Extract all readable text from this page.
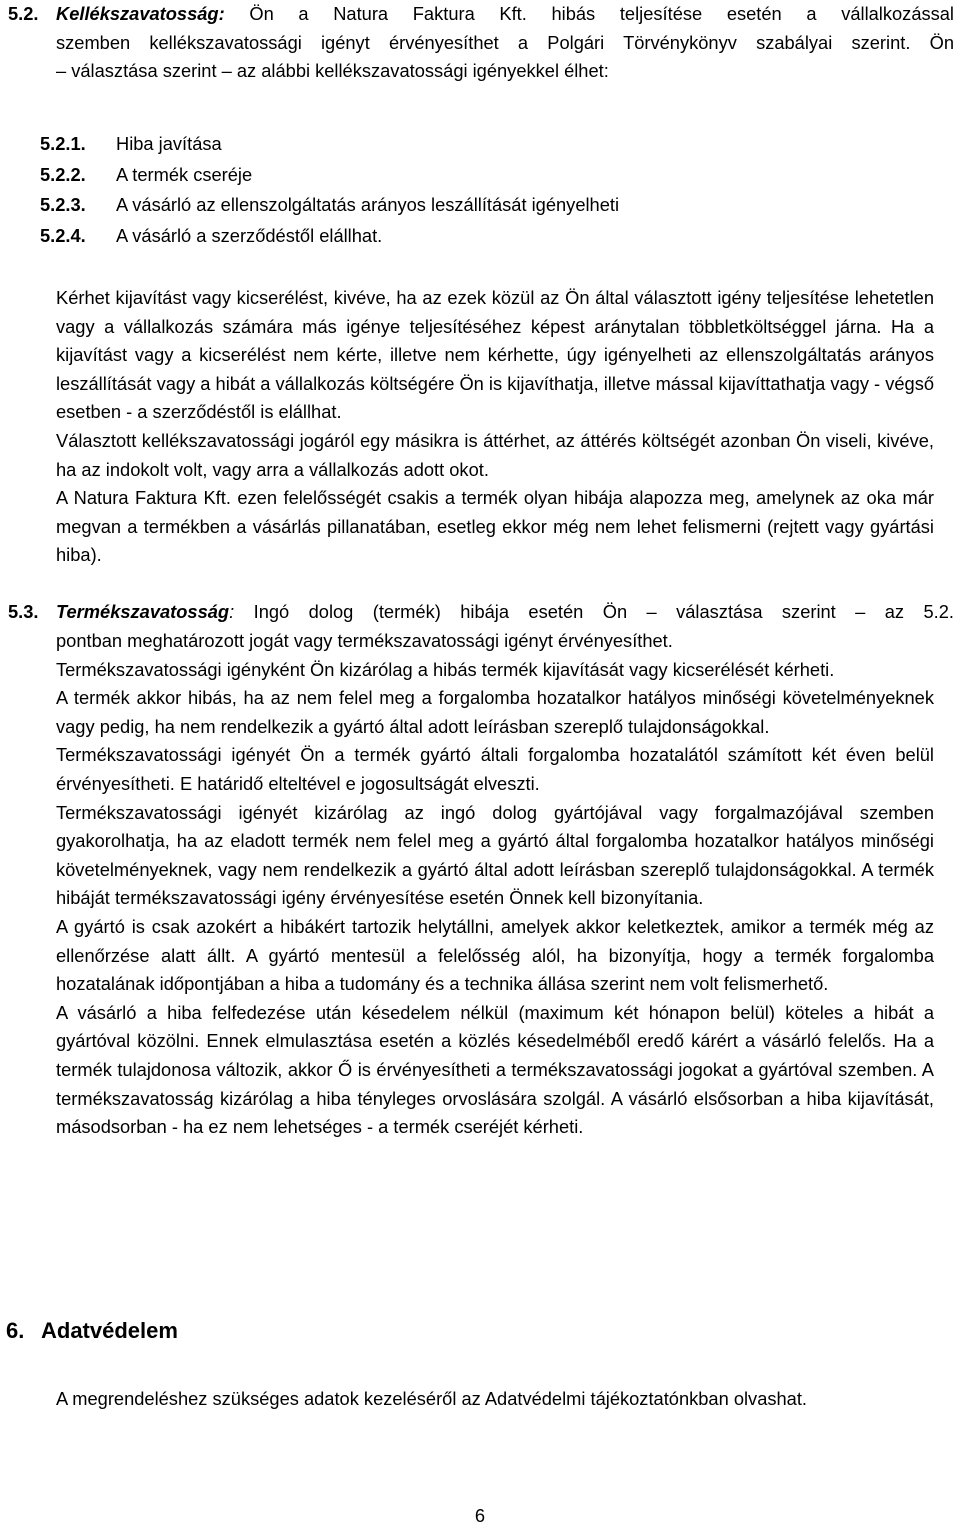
5.2. Kellékszavatosság: Ön a Natura Faktura Kft. hibás teljesítése esetén a vállalkozással
szemben kellékszavatossági igényt érvényesíthet a Polgári Törvénykönyv szabályai szerint. Ön
– választása szerint – az alábbi kellékszavatossági igényekkel élhet:
5.2.1.	Hiba javítása
5.2.2.	A termék cseréje
5.2.3.	A vásárló az ellenszolgáltatás arányos leszállítását igényelheti
5.2.4.	A vásárló a szerződéstől elállhat.

Kérhet kijavítást vagy kicserélést, kivéve, ha az ezek közül az Ön által választott igény teljesítése lehetetlen vagy a vállalkozás számára más igénye teljesítéséhez képest aránytalan többletköltséggel járna. Ha a kijavítást vagy a kicserélést nem kérte, illetve nem kérhette, úgy igényelheti az ellenszolgáltatás arányos leszállítását vagy a hibát a vállalkozás költségére Ön is kijavíthatja, illetve mással kijavíttathatja vagy - végső esetben - a szerződéstől is elállhat.

Választott kellékszavatossági jogáról egy másikra is áttérhet, az áttérés költségét azonban Ön viseli, kivéve, ha az indokolt volt, vagy arra a vállalkozás adott okot.

A Natura Faktura Kft. ezen felelősségét csakis a termék olyan hibája alapozza meg, amelynek az oka már megvan a termékben a vásárlás pillanatában, esetleg ekkor még nem lehet felismerni (rejtett vagy gyártási hiba).

5.3. Termékszavatosság: Ingó dolog (termék) hibája esetén Ön – választása szerint – az 5.2.

pontban meghatározott jogát vagy termékszavatossági igényt érvényesíthet.

Termékszavatossági igényként Ön kizárólag a hibás termék kijavítását vagy kicserélését kérheti.

A termék akkor hibás, ha az nem felel meg a forgalomba hozatalkor hatályos minőségi követelményeknek vagy pedig, ha nem rendelkezik a gyártó által adott leírásban szereplő tulajdonságokkal.

Termékszavatossági igényét Ön a termék gyártó általi forgalomba hozatalától számított két éven belül érvényesítheti. E határidő elteltével e jogosultságát elveszti.

Termékszavatossági igényét kizárólag az ingó dolog gyártójával vagy forgalmazójával szemben gyakorolhatja, ha az eladott termék nem felel meg a gyártó által forgalomba hozatalkor hatályos minőségi követelményeknek, vagy nem rendelkezik a gyártó által adott leírásban szereplő tulajdonságokkal. A termék hibáját termékszavatossági igény érvényesítése esetén Önnek kell bizonyítania.

A gyártó is csak azokért a hibákért tartozik helytállni, amelyek akkor keletkeztek, amikor a termék még az ellenőrzése alatt állt. A gyártó mentesül a felelősség alól, ha bizonyítja, hogy a termék forgalomba hozatalának időpontjában a hiba a tudomány és a technika állása szerint nem volt felismerhető.

A vásárló a hiba felfedezése után késedelem nélkül (maximum két hónapon belül) köteles a hibát a gyártóval közölni. Ennek elmulasztása esetén a közlés késedelméből eredő kárért a vásárló felelős. Ha a termék tulajdonosa változik, akkor Ő is érvényesítheti a termékszavatossági jogokat a gyártóval szemben. A termékszavatosság kizárólag a hiba tényleges orvoslására szolgál. A vásárló elsősorban a hiba kijavítását, másodsorban - ha ez nem lehetséges - a termék cseréjét kérheti.

6. Adatvédelem

A megrendeléshez szükséges adatok kezeléséről az Adatvédelmi tájékoztatónkban olvashat.

6
